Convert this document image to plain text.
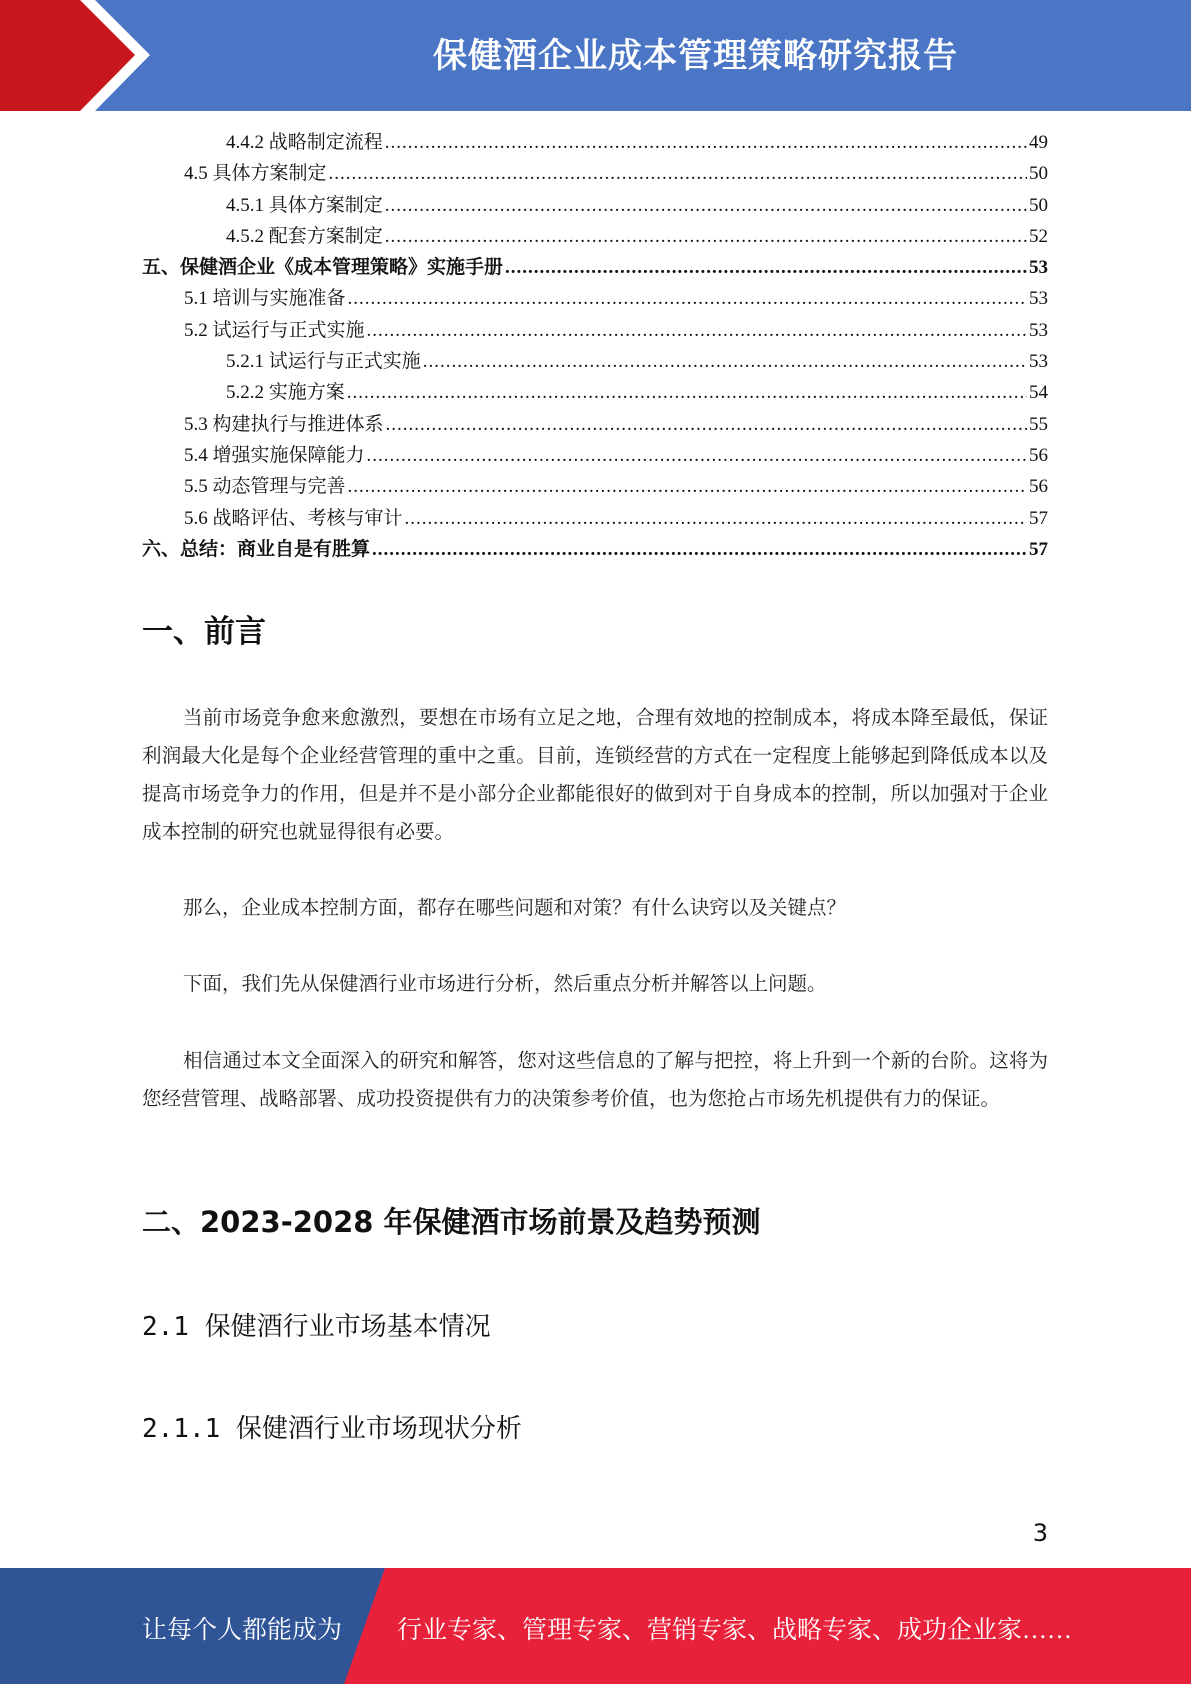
保健酒企业成本管理策略研究报告
4.4.2 战略制定流程 .....	49
4.5 具体方案制定 .....	50
4.5.1 具体方案制定 .....	50
4.5.2 配套方案制定 .....	52
五、保健酒企业《成本管理策略》实施手册 .....	53
5.1 培训与实施准备 .....	53
5.2 试运行与正式实施 .....	53
5.2.1 试运行与正式实施 .....	53
5.2.2 实施方案 .....	54
5.3 构建执行与推进体系 .....	55
5.4 增强实施保障能力 .....	56
5.5 动态管理与完善 .....	56
5.6 战略评估、考核与审计 .....	57
六、总结：商业自是有胜算 .....	57
一、前言
当前市场竞争愈来愈激烈，要想在市场有立足之地，合理有效地的控制成本，将成本降至最低，保证利润最大化是每个企业经营管理的重中之重。目前，连锁经营的方式在一定程度上能够起到降低成本以及提高市场竞争力的作用，但是并不是小部分企业都能很好的做到对于自身成本的控制，所以加强对于企业成本控制的研究也就显得很有必要。
那么，企业成本控制方面，都存在哪些问题和对策？有什么诀窍以及关键点？
下面，我们先从保健酒行业市场进行分析，然后重点分析并解答以上问题。
相信通过本文全面深入的研究和解答，您对这些信息的了解与把控，将上升到一个新的台阶。这将为您经营管理、战略部署、成功投资提供有力的决策参考价值，也为您抢占市场先机提供有力的保证。
二、2023-2028 年保健酒市场前景及趋势预测
2.1 保健酒行业市场基本情况
2.1.1 保健酒行业市场现状分析
3
让每个人都能成为 行业专家、管理专家、营销专家、战略专家、成功企业家……
